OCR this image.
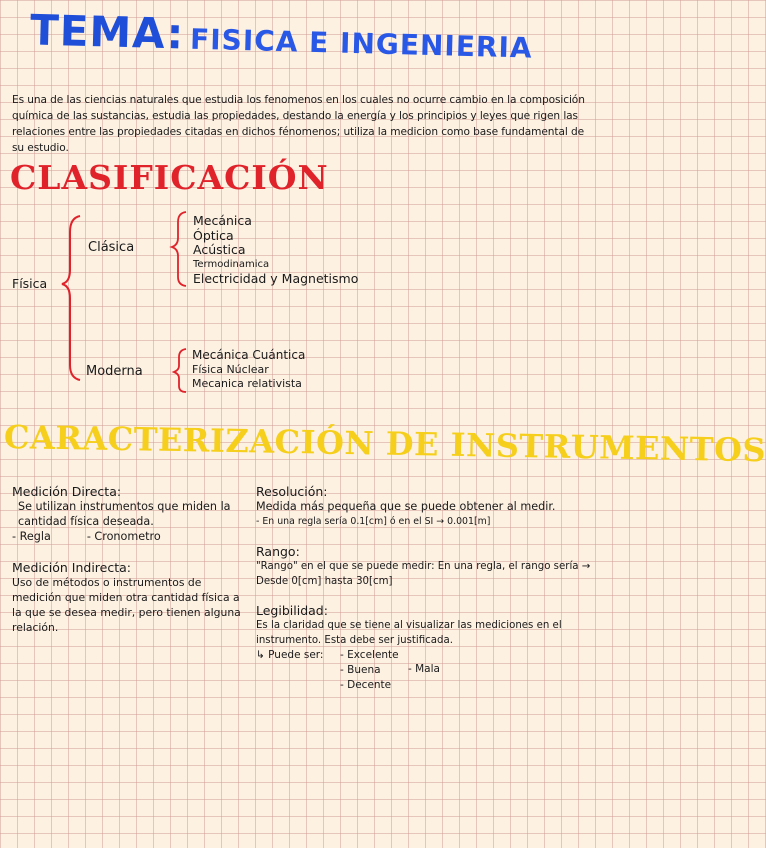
TEMA: FISICA E INGENIERIA
Es una de las ciencias naturales que estudia los fenomenos en los cuales no ocurre cambio en la composición química de las sustancias, estudia las propiedades, destando la energía y los principios y leyes que rigen las relaciones entre las propiedades citadas en dichos fénomenos; utiliza la medicion como base fundamental de su estudio.
CLASIFICACIÓN
Física
Clásica
Mecánica
Óptica
Acústica
Termodinamica
Electricidad y Magnetismo
Moderna
Mecánica Cuántica
Física Núclear
Mecanica relativista
CARACTERIZACIÓN DE INSTRUMENTOS
Medición Directa:
Se utilizan instrumentos que miden la cantidad física deseada.
- Regla	- Cronometro
Medición Indirecta:
Uso de métodos o instrumentos de medición que miden otra cantidad física a la que se desea medir, pero tienen alguna relación.
Resolución:
Medida más pequeña que se puede obtener al medir.
- En una regla sería 0.1[cm] ó en el SI → 0.001[m]
Rango:
"Rango" en el que se puede medir: En una regla, el rango sería → Desde 0[cm] hasta 30[cm]
Legibilidad:
Es la claridad que se tiene al visualizar las mediciones en el instrumento. Esta debe ser justificada.
↳ Puede ser: - Excelente
- Buena	- Mala
- Decente
